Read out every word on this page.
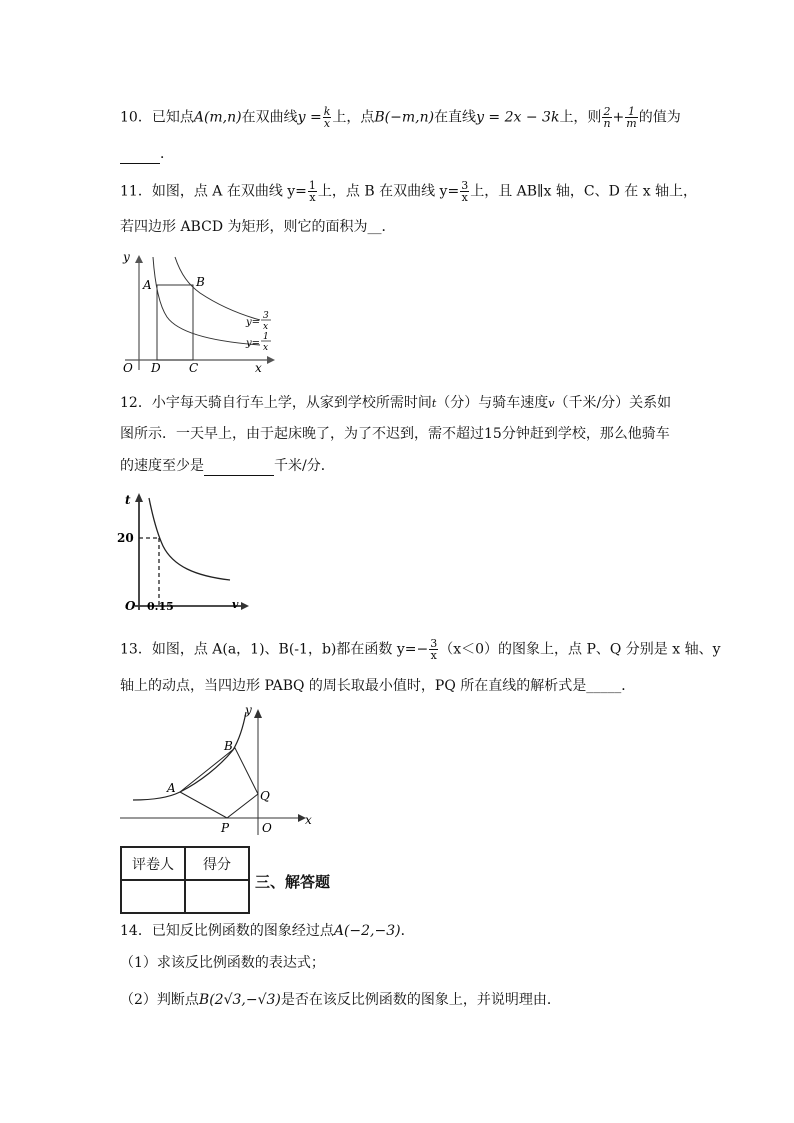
10．已知点A(m,n)在双曲线$y = \frac{k}{x}$ 上，点B(−m,n)在直线y = 2x − 3k上，则 $\frac{2}{n} + \frac{1}{m}$ 的值为
．
11．如图，点 A 在双曲线 $y= \frac{1}{x}$ 上，点 B 在双曲线 $y= \frac{3}{x}$ 上，且 AB∥x 轴，C、D 在 x 轴上，
若四边形 ABCD 为矩形，则它的面积为__．
A	B
C
D
O
y
x
y=
3
x
y=
1
x
12．小宇每天骑自行车上学，从家到学校所需时间t（分）与骑车速度v（千米/分）关系如
图所示．一天早上，由于起床晚了，为了不迟到，需不超过15分钟赶到学校，那么他骑车
的速度至少是	千米/分．
t
20
O 0.15	v
13．如图，点 A(a，1)、B(-1，b)都在函数 $y=- \frac{3}{x} (x<0)$的图象上，点 P、Q 分别是 x 轴、y
轴上的动点，当四边形 PABQ 的周长取最小值时，PQ 所在直线的解析式是_____．
A
B
P
Q
O
y
x
评卷人	得分

三、解答题
14．已知反比例函数的图象经过点A(−2,−3)．
（1）求该反比例函数的表达式；
（2）判断点B(2√3,−√3)是否在该反比例函数的图象上，并说明理由．
